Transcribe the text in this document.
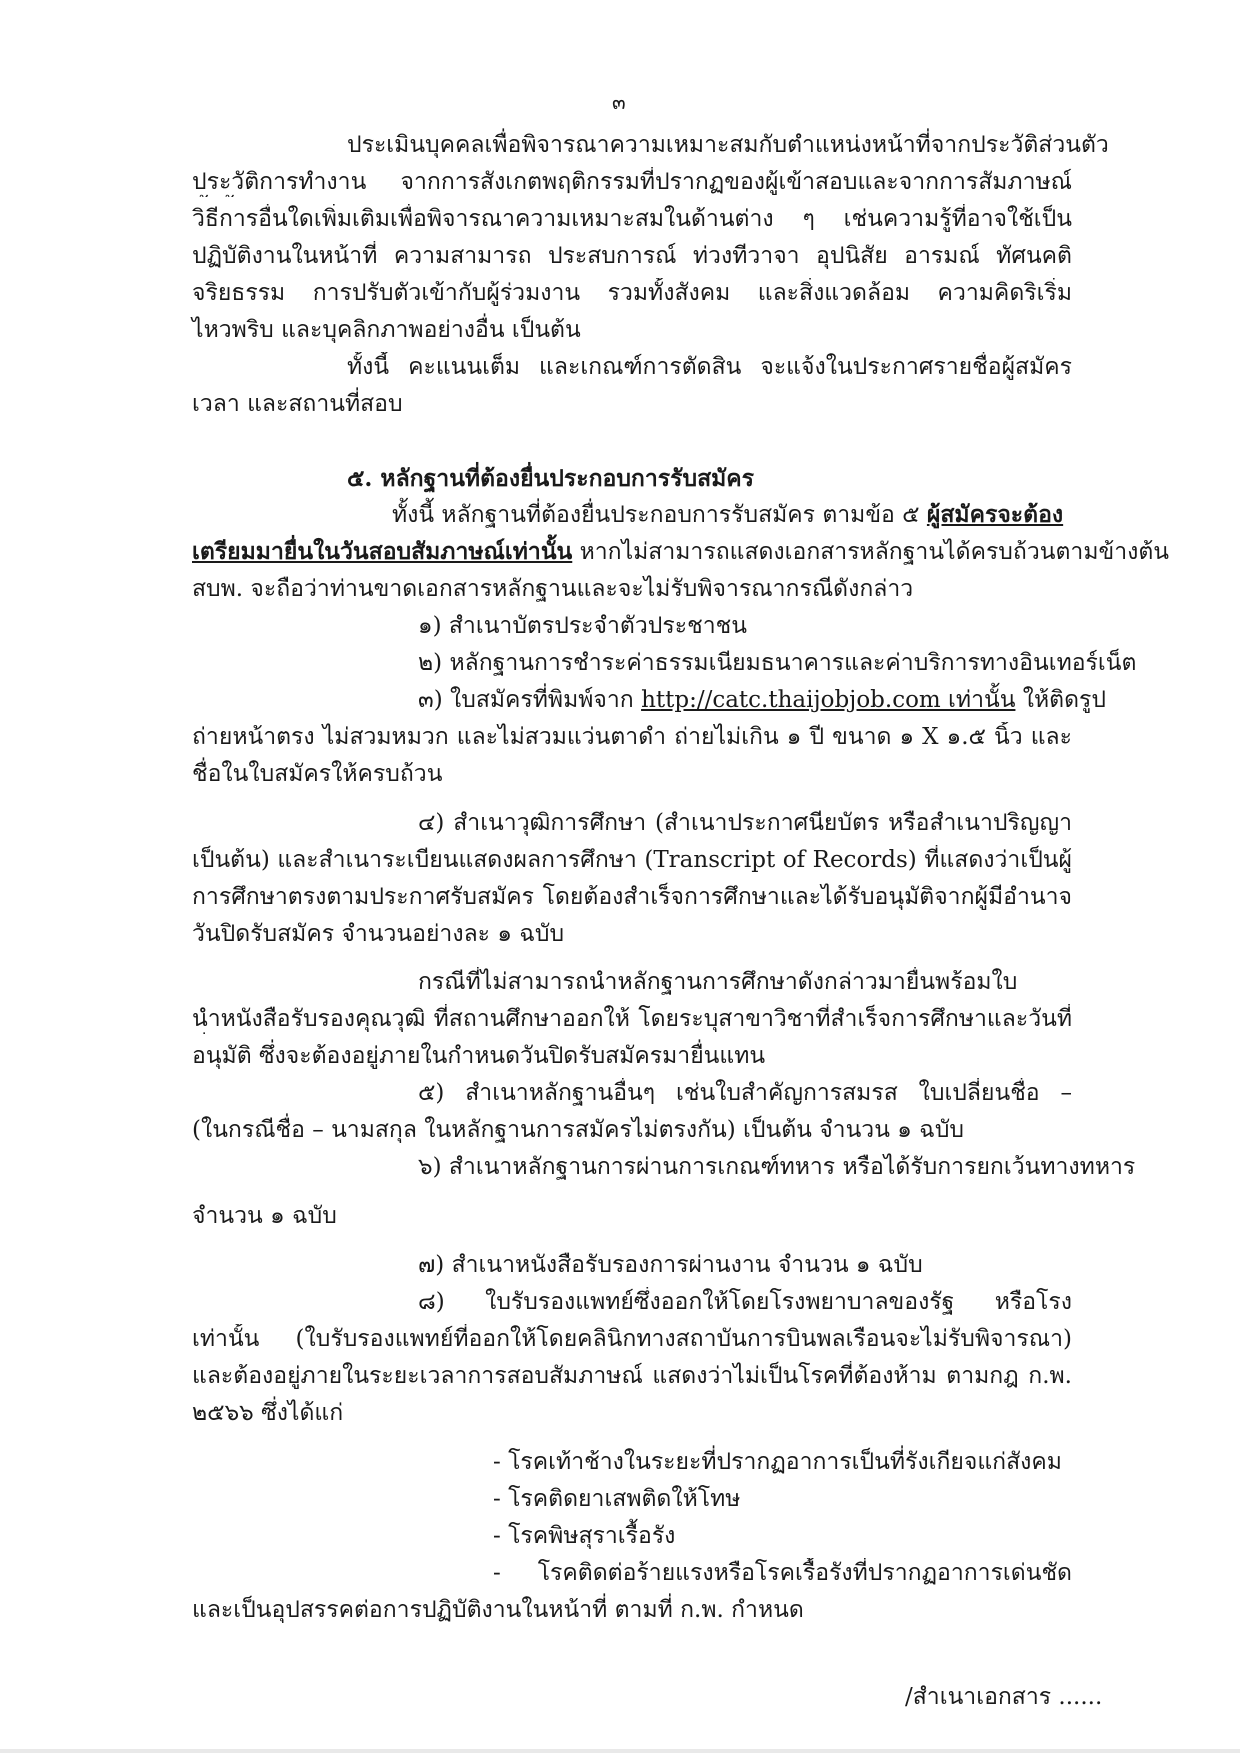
๓
ประเมินบุคคลเพื่อพิจารณาความเหมาะสมกับตำแหน่งหน้าที่จากประวัติส่วนตัว
ประวัติการทำงาน จากการสังเกตพฤติกรรมที่ปรากฏของผู้เข้าสอบและจากการสัมภาษณ์
วิธีการอื่นใดเพิ่มเติมเพื่อพิจารณาความเหมาะสมในด้านต่าง ๆ เช่นความรู้ที่อาจใช้เป็น
ปฏิบัติงานในหน้าที่ ความสามารถ ประสบการณ์ ท่วงทีวาจา อุปนิสัย อารมณ์ ทัศนคติ
จริยธรรม การปรับตัวเข้ากับผู้ร่วมงาน รวมทั้งสังคม และสิ่งแวดล้อม ความคิดริเริ่ม
ไหวพริบ และบุคลิกภาพอย่างอื่น เป็นต้น
ทั้งนี้ คะแนนเต็ม และเกณฑ์การตัดสิน จะแจ้งในประกาศรายชื่อผู้สมัคร
เวลา และสถานที่สอบ
๕. หลักฐานที่ต้องยื่นประกอบการรับสมัคร
ทั้งนี้ หลักฐานที่ต้องยื่นประกอบการรับสมัคร ตามข้อ ๕ ผู้สมัครจะต้อง
เตรียมมายื่นในวันสอบสัมภาษณ์เท่านั้น หากไม่สามารถแสดงเอกสารหลักฐานได้ครบถ้วนตามข้างต้น
สบพ. จะถือว่าท่านขาดเอกสารหลักฐานและจะไม่รับพิจารณากรณีดังกล่าว
๑) สำเนาบัตรประจำตัวประชาชน
๒) หลักฐานการชำระค่าธรรมเนียมธนาคารและค่าบริการทางอินเทอร์เน็ต
๓) ใบสมัครที่พิมพ์จาก http://catc.thaijobjob.com เท่านั้น ให้ติดรูป
ถ่ายหน้าตรง ไม่สวมหมวก และไม่สวมแว่นตาดำ ถ่ายไม่เกิน ๑ ปี ขนาด ๑ X ๑.๕ นิ้ว และ
ชื่อในใบสมัครให้ครบถ้วน
๔) สำเนาวุฒิการศึกษา (สำเนาประกาศนียบัตร หรือสำเนาปริญญา
เป็นต้น) และสำเนาระเบียนแสดงผลการศึกษา (Transcript of Records) ที่แสดงว่าเป็นผู้
การศึกษาตรงตามประกาศรับสมัคร โดยต้องสำเร็จการศึกษาและได้รับอนุมัติจากผู้มีอำนาจ
วันปิดรับสมัคร จำนวนอย่างละ ๑ ฉบับ
กรณีที่ไม่สามารถนำหลักฐานการศึกษาดังกล่าวมายื่นพร้อมใบ
นำหนังสือรับรองคุณวุฒิ ที่สถานศึกษาออกให้ โดยระบุสาขาวิชาที่สำเร็จการศึกษาและวันที่
อนุมัติ ซึ่งจะต้องอยู่ภายในกำหนดวันปิดรับสมัครมายื่นแทน
๕) สำเนาหลักฐานอื่นๆ เช่นใบสำคัญการสมรส ใบเปลี่ยนชื่อ –
(ในกรณีชื่อ – นามสกุล ในหลักฐานการสมัครไม่ตรงกัน) เป็นต้น จำนวน ๑ ฉบับ
๖) สำเนาหลักฐานการผ่านการเกณฑ์ทหาร หรือได้รับการยกเว้นทางทหาร
จำนวน ๑ ฉบับ
๗) สำเนาหนังสือรับรองการผ่านงาน จำนวน ๑ ฉบับ
๘) ใบรับรองแพทย์ซึ่งออกให้โดยโรงพยาบาลของรัฐ หรือโรง
เท่านั้น (ใบรับรองแพทย์ที่ออกให้โดยคลินิกทางสถาบันการบินพลเรือนจะไม่รับพิจารณา)
และต้องอยู่ภายในระยะเวลาการสอบสัมภาษณ์ แสดงว่าไม่เป็นโรคที่ต้องห้าม ตามกฎ ก.พ.
๒๕๖๖ ซึ่งได้แก่
- โรคเท้าช้างในระยะที่ปรากฏอาการเป็นที่รังเกียจแก่สังคม
- โรคติดยาเสพติดให้โทษ
- โรคพิษสุราเรื้อรัง
- โรคติดต่อร้ายแรงหรือโรคเรื้อรังที่ปรากฏอาการเด่นชัด
และเป็นอุปสรรคต่อการปฏิบัติงานในหน้าที่ ตามที่ ก.พ. กำหนด
/สำเนาเอกสาร ......
